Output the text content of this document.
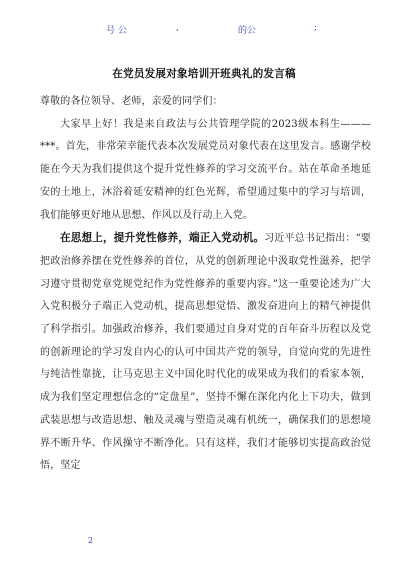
号 公	,	的公	;
在党员发展对象培训开班典礼的发言稿

尊敬的各位领导、老师，亲爱的同学们：

大家早上好！我是来自政法与公共管理学院的2023级本科生———***。首先，非常荣幸能代表本次发展党员对象代表在这里发言。感谢学校能在今天为我们提供这个提升党性修养的学习交流平台。站在革命圣地延安的土地上，沐浴着延安精神的红色光辉，希望通过集中的学习与培训，我们能够更好地从思想、作风以及行动上入党。

在思想上，提升党性修养，端正入党动机。习近平总书记指出：“要把政治修养摆在党性修养的首位，从党的创新理论中汲取党性滋养，把学习遵守贯彻党章党规党纪作为党性修养的重要内容。”这一重要论述为广大入党积极分子端正入党动机，提高思想觉悟、激发奋进向上的精气神提供了科学指引。加强政治修养，我们要通过自身对党的百年奋斗历程以及党的创新理论的学习发自内心的认可中国共产党的领导，自觉向党的先进性与纯洁性靠拢，让马克思主义中国化时代化的成果成为我们的看家本领，成为我们坚定理想信念的“定盘星”，坚持不懈在深化内化上下功夫，做到武装思想与改造思想、触及灵魂与塑造灵魂有机统一，确保我们的思想境界不断升华、作风操守不断净化。只有这样，我们才能够切实提高政治觉悟，坚定

2
